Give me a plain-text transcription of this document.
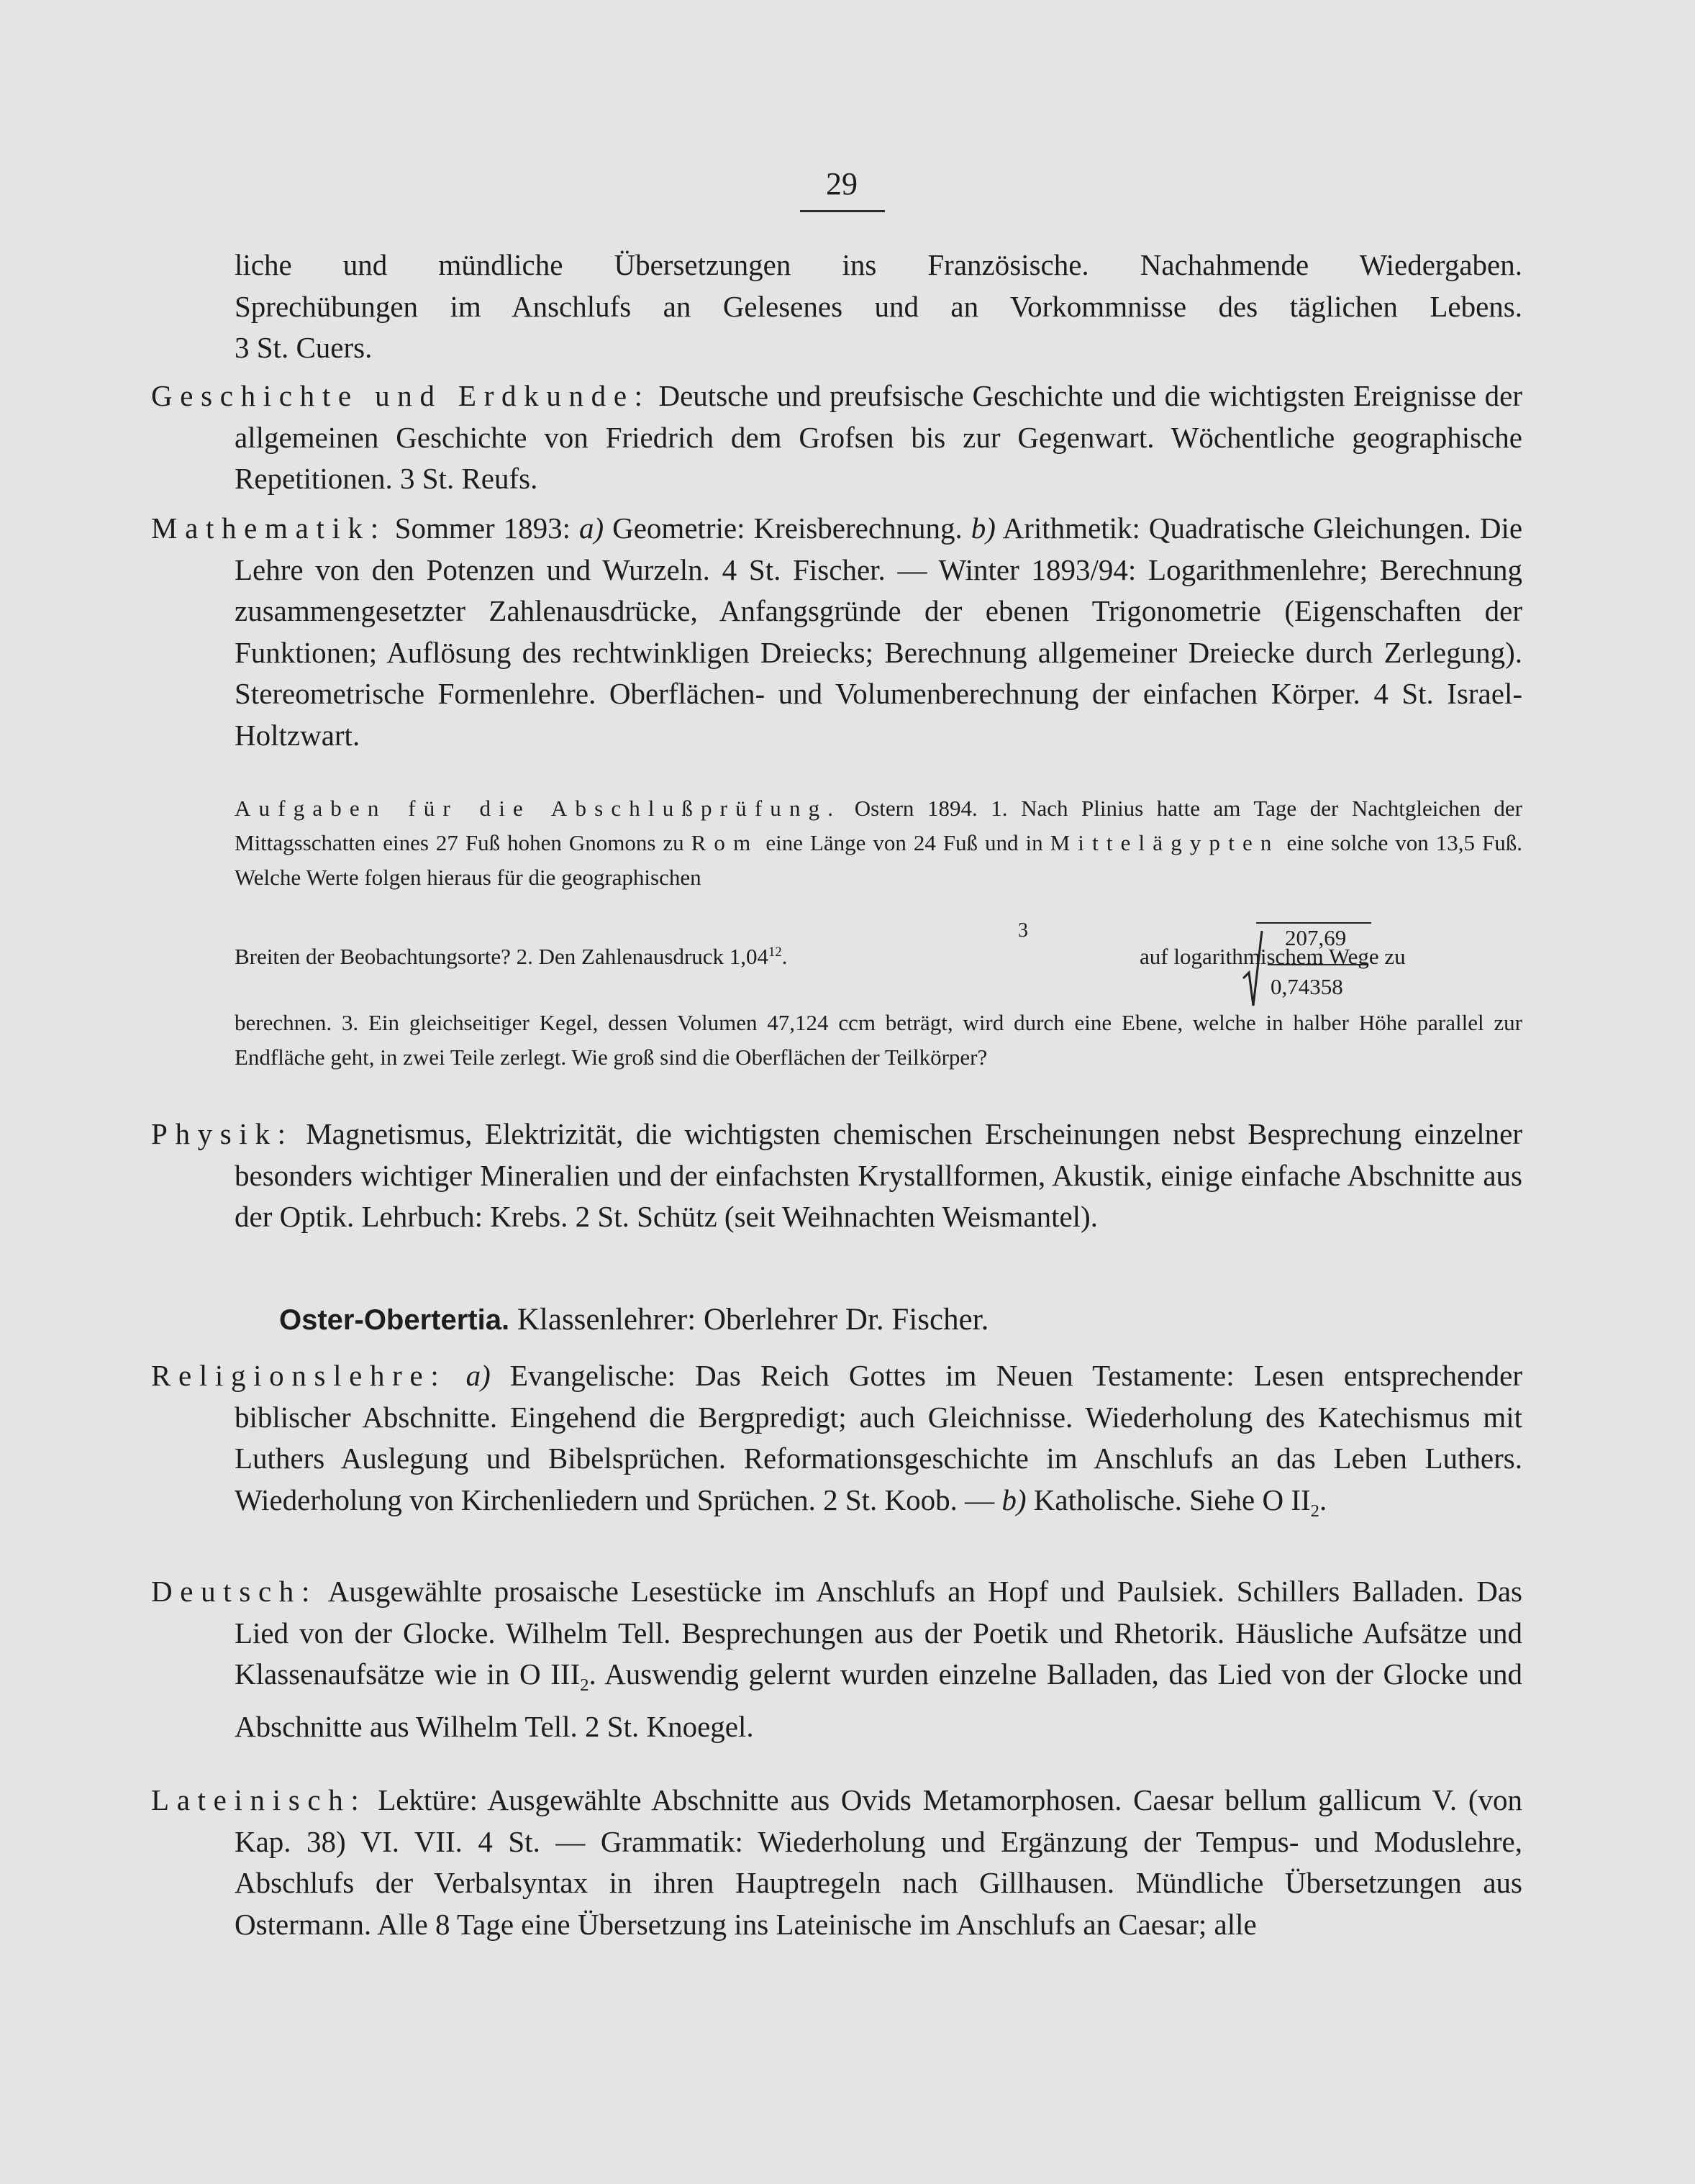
29
liche und mündliche Übersetzungen ins Französische. Nachahmende Wiedergaben.
Sprechübungen im Anschlufs an Gelesenes und an Vorkommnisse des täglichen Lebens.
3 St. Cuers.
Geschichte und Erdkunde: Deutsche und preufsische Geschichte und die wichtigsten Ereignisse der allgemeinen Geschichte von Friedrich dem Grofsen bis zur Gegenwart. Wöchentliche geographische Repetitionen. 3 St. Reufs.
Mathematik: Sommer 1893: a) Geometrie: Kreisberechnung. b) Arithmetik: Quadratische Gleichungen. Die Lehre von den Potenzen und Wurzeln. 4 St. Fischer. — Winter 1893/94: Logarithmenlehre; Berechnung zusammengesetzter Zahlenausdrücke, Anfangsgründe der ebenen Trigonometrie (Eigenschaften der Funktionen; Auflösung des rechtwinkligen Dreiecks; Berechnung allgemeiner Dreiecke durch Zerlegung). Stereometrische Formenlehre. Oberflächen- und Volumenberechnung der einfachen Körper. 4 St. Israel-Holtzwart.
Aufgaben für die Abschlußprüfung. Ostern 1894. 1. Nach Plinius hatte am Tage der Nachtgleichen der Mittagsschatten eines 27 Fuß hohen Gnomons zu Rom eine Länge von 24 Fuß und in Mittelägypten eine solche von 13,5 Fuß. Welche Werte folgen hieraus für die geographischen
Breiten der Beobachtungsorte? 2. Den Zahlenausdruck 1,04$^{12}$.
3	207,69
0,74358
auf logarithmischem Wege zu
berechnen. 3. Ein gleichseitiger Kegel, dessen Volumen 47,124 ccm beträgt, wird durch eine Ebene, welche in halber Höhe parallel zur Endfläche geht, in zwei Teile zerlegt. Wie groß sind die Oberflächen der Teilkörper?
Physik: Magnetismus, Elektrizität, die wichtigsten chemischen Erscheinungen nebst Besprechung einzelner besonders wichtiger Mineralien und der einfachsten Krystallformen, Akustik, einige einfache Abschnitte aus der Optik. Lehrbuch: Krebs. 2 St. Schütz (seit Weihnachten Weismantel).
Oster-Obertertia. Klassenlehrer: Oberlehrer Dr. Fischer.
Religionslehre: a) Evangelische: Das Reich Gottes im Neuen Testamente: Lesen entsprechender biblischer Abschnitte. Eingehend die Bergpredigt; auch Gleichnisse. Wiederholung des Katechismus mit Luthers Auslegung und Bibelsprüchen. Reformationsgeschichte im Anschlufs an das Leben Luthers. Wiederholung von Kirchenliedern und Sprüchen. 2 St. Koob. — b) Katholische. Siehe O $II_2$.
Deutsch: Ausgewählte prosaische Lesestücke im Anschlufs an Hopf und Paulsiek. Schillers Balladen. Das Lied von der Glocke. Wilhelm Tell. Besprechungen aus der Poetik und Rhetorik. Häusliche Aufsätze und Klassenaufsätze wie in O $III_2$. Auswendig gelernt wurden einzelne Balladen, das Lied von der Glocke und Abschnitte aus Wilhelm Tell. 2 St. Knoegel.
Lateinisch: Lektüre: Ausgewählte Abschnitte aus Ovids Metamorphosen. Caesar bellum gallicum V. (von Kap. 38) VI. VII. 4 St. — Grammatik: Wiederholung und Ergänzung der Tempus- und Moduslehre, Abschlufs der Verbalsyntax in ihren Hauptregeln nach Gillhausen. Mündliche Übersetzungen aus Ostermann. Alle 8 Tage eine Übersetzung ins Lateinische im Anschlufs an Caesar; alle
